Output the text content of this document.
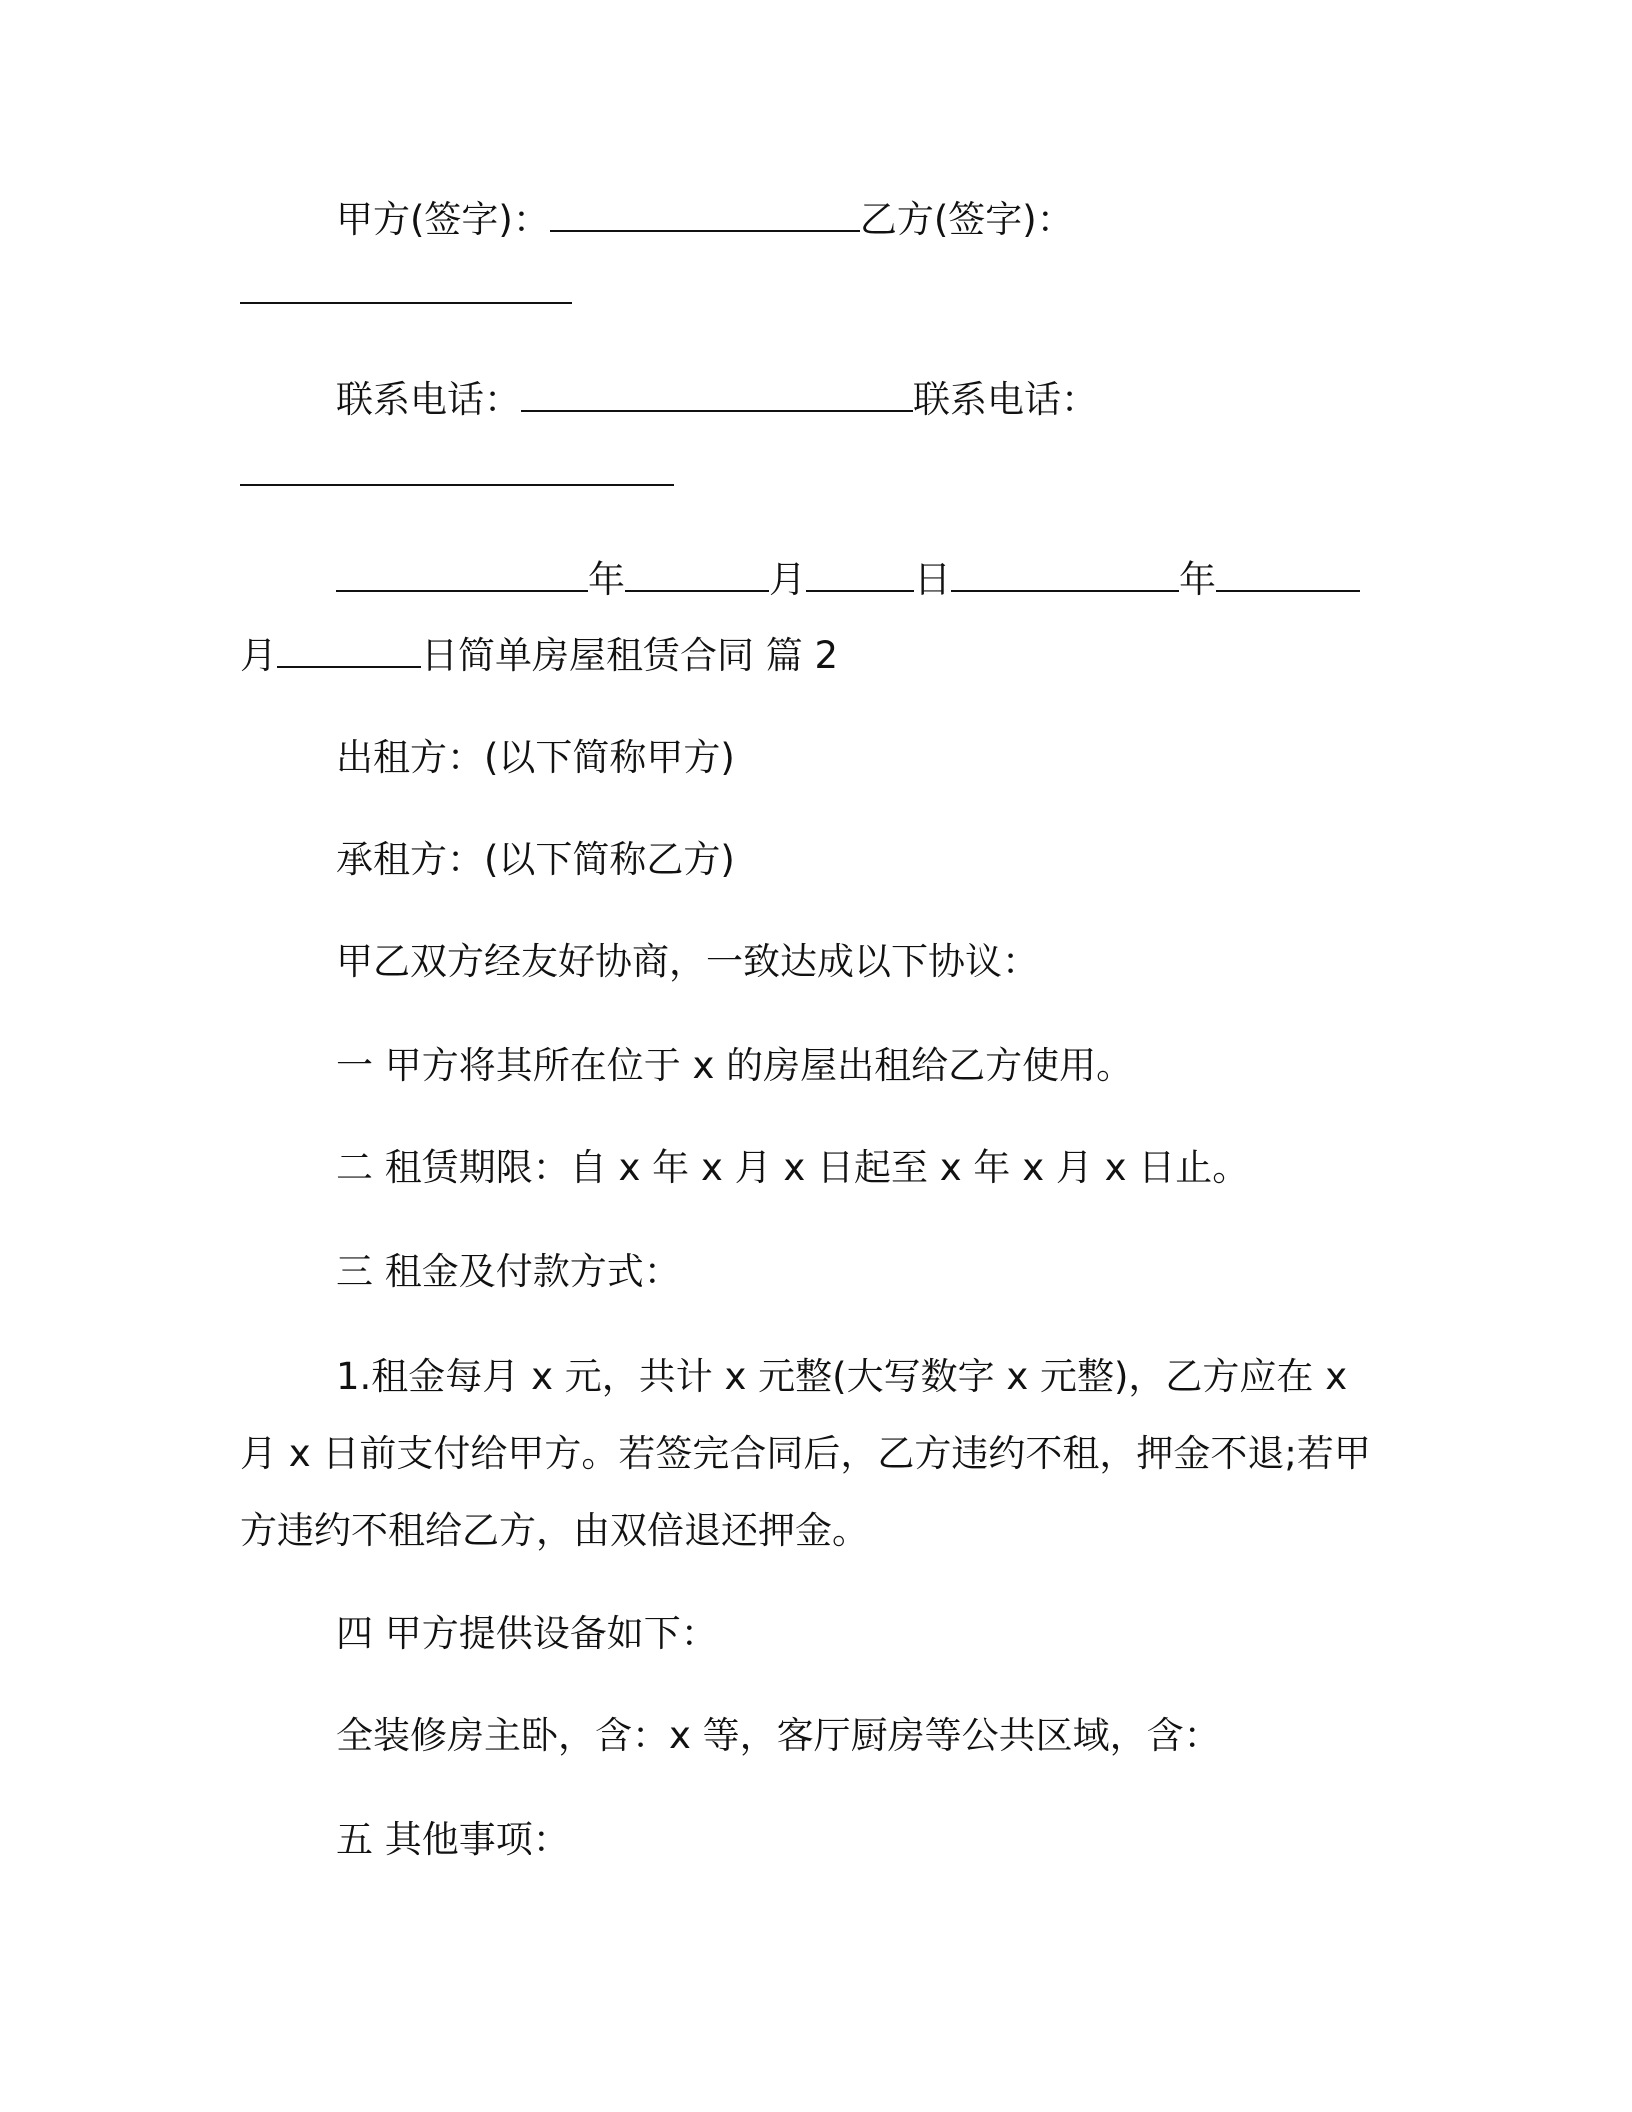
甲方(签字)：	乙方(签字)：
联系电话：	联系电话：
年	月	日	年
月	日简单房屋租赁合同 篇 2
出租方：(以下简称甲方)
承租方：(以下简称乙方)
甲乙双方经友好协商，一致达成以下协议：
一 甲方将其所在位于 x 的房屋出租给乙方使用。
二 租赁期限：自 x 年 x 月 x 日起至 x 年 x 月 x 日止。
三 租金及付款方式：
1.租金每月 x 元，共计 x 元整(大写数字 x 元整)，乙方应在 x 月 x 日前支付给甲方。若签完合同后，乙方违约不租，押金不退;若甲方违约不租给乙方，由双倍退还押金。
四 甲方提供设备如下：
全装修房主卧，含：x 等，客厅厨房等公共区域，含：
五 其他事项：
